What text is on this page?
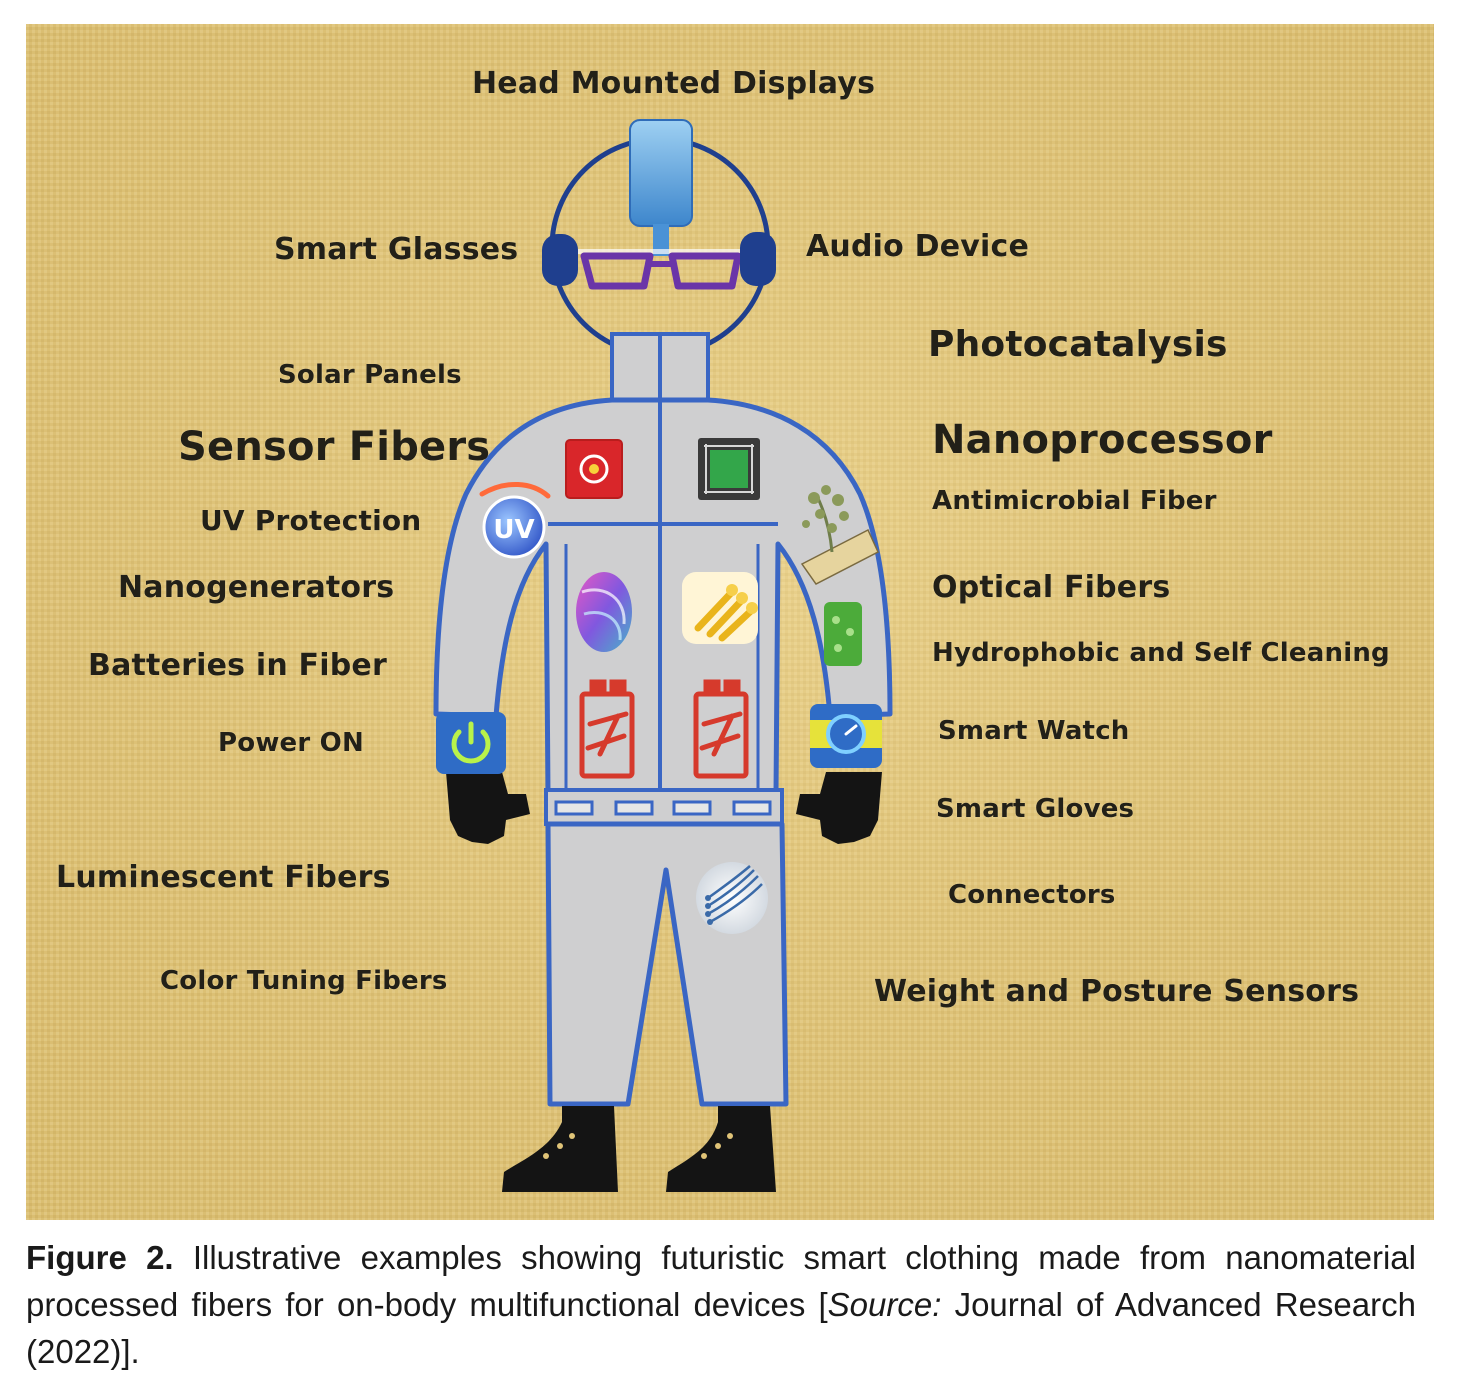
UV
Head Mounted Displays
Smart Glasses	Audio Device
Photocatalysis
Solar Panels
Sensor Fibers	Nanoprocessor
Antimicrobial Fiber
UV Protection
Nanogenerators	Optical Fibers
Batteries in Fiber	Hydrophobic and Self Cleaning
Power ON	Smart Watch
Smart Gloves
Luminescent Fibers	Connectors
Color Tuning Fibers	Weight and Posture Sensors
Figure 2. Illustrative examples showing futuristic smart clothing made from nanomaterial processed fibers for on-body multifunctional devices [Source: Journal of Advanced Research (2022)].
